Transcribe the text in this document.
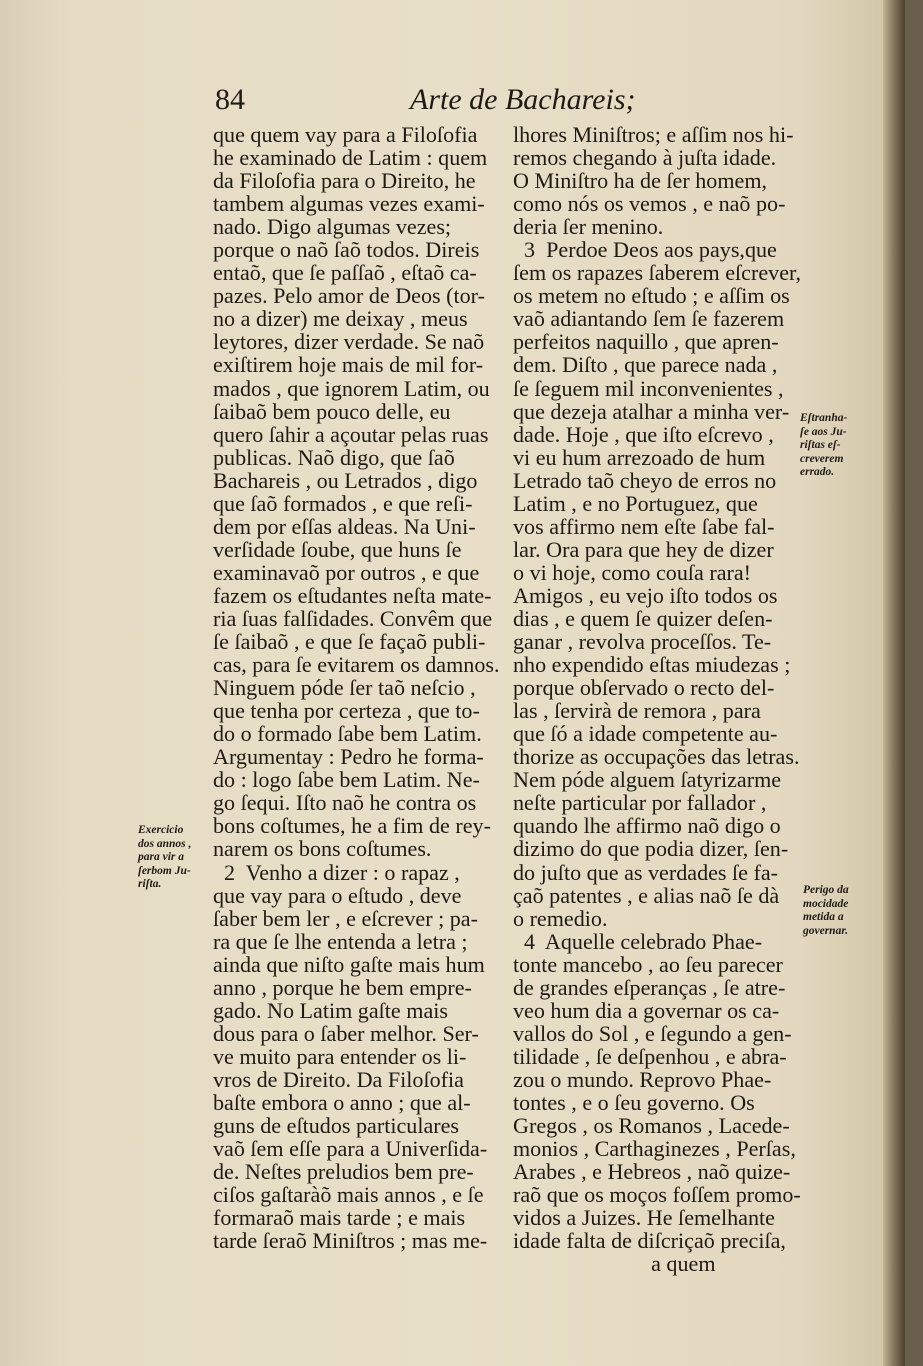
84	Arte de Bachareis;
que quem vay para a Filoſofia
he examinado de Latim : quem
da Filoſofia para o Direito, he
tambem algumas vezes exami-
nado. Digo algumas vezes;
porque o naõ ſaõ todos. Direis
entaõ, que ſe paſſaõ , eſtaõ ca-
pazes. Pelo amor de Deos (tor-
no a dizer) me deixay , meus
leytores, dizer verdade. Se naõ
exiſtirem hoje mais de mil for-
mados , que ignorem Latim, ou
ſaibaõ bem pouco delle, eu
quero ſahir a açoutar pelas ruas
publicas. Naõ digo, que ſaõ
Bachareis , ou Letrados , digo
que ſaõ formados , e que reſi-
dem por eſſas aldeas. Na Uni-
verſidade ſoube, que huns ſe
examinavaõ por outros , e que
fazem os eſtudantes neſta mate-
ria ſuas falſidades. Convêm que
ſe ſaibaõ , e que ſe façaõ publi-
cas, para ſe evitarem os damnos.
Ninguem póde ſer taõ neſcio ,
que tenha por certeza , que to-
do o formado ſabe bem Latim.
Argumentay : Pedro he forma-
do : logo ſabe bem Latim. Ne-
go ſequi. Iſto naõ he contra os
bons coſtumes, he a fim de rey-
narem os bons coſtumes.
2  Venho a dizer : o rapaz ,
que vay para o eſtudo , deve
ſaber bem ler , e eſcrever ; pa-
ra que ſe lhe entenda a letra ;
ainda que niſto gaſte mais hum
anno , porque he bem empre-
gado. No Latim gaſte mais
dous para o ſaber melhor. Ser-
ve muito para entender os li-
vros de Direito. Da Filoſofia
baſte embora o anno ; que al-
guns de eſtudos particulares
vaõ ſem eſſe para a Univerſida-
de. Neſtes preludios bem pre-
ciſos gaſtaràõ mais annos , e ſe
formaraõ mais tarde ; e mais
tarde ſeraõ Miniſtros ; mas me-
lhores Miniſtros; e aſſim nos hi-
remos chegando à juſta idade.
O Miniſtro ha de ſer homem,
como nós os vemos , e naõ po-
deria ſer menino.
3  Perdoe Deos aos pays,que
ſem os rapazes ſaberem eſcrever,
os metem no eſtudo ; e aſſim os
vaõ adiantando ſem ſe fazerem
perfeitos naquillo , que apren-
dem. Diſto , que parece nada ,
ſe ſeguem mil inconvenientes ,
que dezeja atalhar a minha ver-
dade. Hoje , que iſto eſcrevo ,
vi eu hum arrezoado de hum
Letrado taõ cheyo de erros no
Latim , e no Portuguez, que
vos affirmo nem eſte ſabe fal-
lar. Ora para que hey de dizer
o vi hoje, como couſa rara!
Amigos , eu vejo iſto todos os
dias , e quem ſe quizer deſen-
ganar , revolva proceſſos. Te-
nho expendido eſtas miudezas ;
porque obſervado o recto del-
las , ſervirà de remora , para
que ſó a idade competente au-
thorize as occupações das letras.
Nem póde alguem ſatyrizarme
neſte particular por fallador ,
quando lhe affirmo naõ digo o
dizimo do que podia dizer, ſen-
do juſto que as verdades ſe fa-
çaõ patentes , e alias naõ ſe dà
o remedio.
4  Aquelle celebrado Phae-
tonte mancebo , ao ſeu parecer
de grandes eſperanças , ſe atre-
veo hum dia a governar os ca-
vallos do Sol , e ſegundo a gen-
tilidade , ſe deſpenhou , e abra-
zou o mundo. Reprovo Phae-
tontes , e o ſeu governo. Os
Gregos , os Romanos , Lacede-
monios , Carthaginezes , Perſas,
Arabes , e Hebreos , naõ quize-
raõ que os moços foſſem promo-
vidos a Juizes. He ſemelhante
idade falta de diſcriçaõ preciſa,
a quem
Exercicio
dos annos ,
para vir a
ſerbom Ju-
riſta.
Eſtranha-
ſe aos Ju-
riſtas eſ-
creverem
errado.
Perigo da
mocidade
metida a
governar.
